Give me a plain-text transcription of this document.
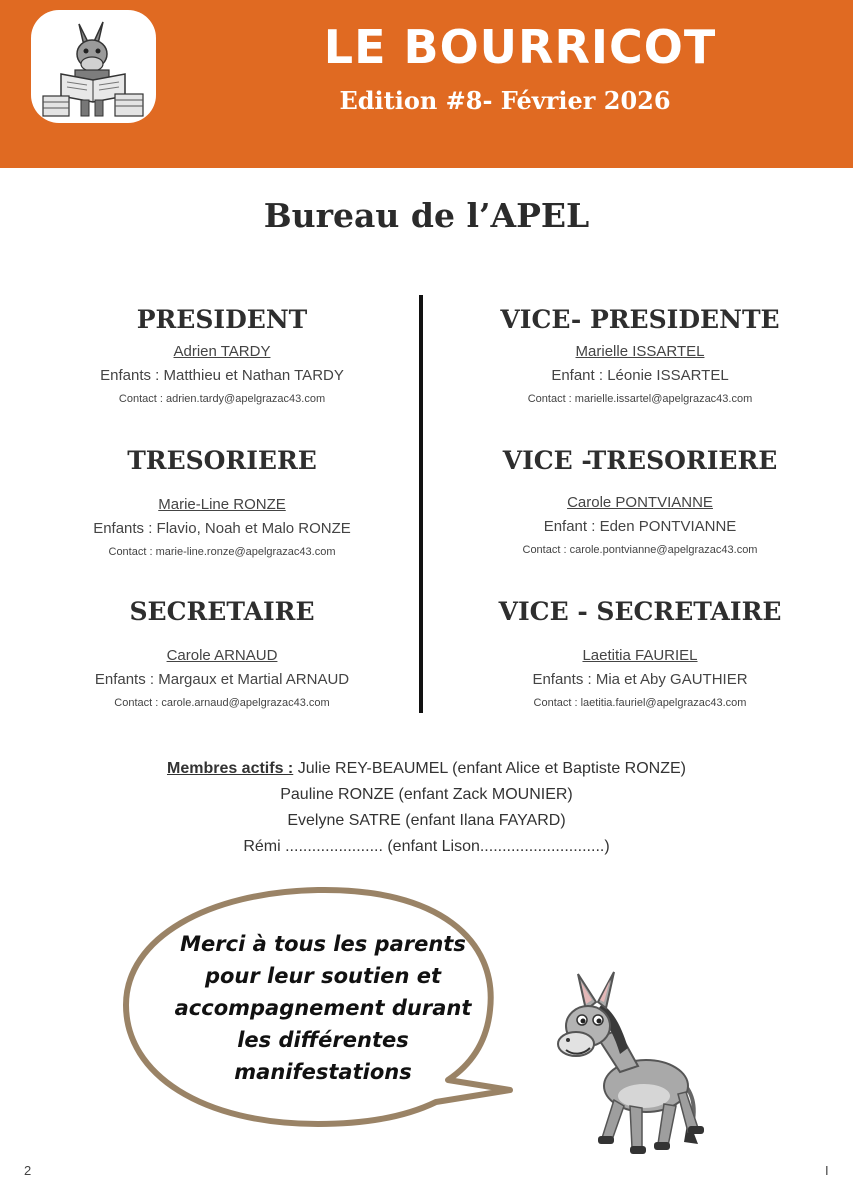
LE BOURRICOT
Edition #8- Février 2026
Bureau de l’APEL
PRESIDENT
Adrien TARDY
Enfants : Matthieu et Nathan TARDY
Contact : adrien.tardy@apelgrazac43.com
VICE- PRESIDENTE
Marielle ISSARTEL
Enfant : Léonie ISSARTEL
Contact : marielle.issartel@apelgrazac43.com
TRESORIERE
Marie-Line RONZE
Enfants : Flavio, Noah et Malo RONZE
Contact : marie-line.ronze@apelgrazac43.com
VICE -TRESORIERE
Carole PONTVIANNE
Enfant : Eden PONTVIANNE
Contact : carole.pontvianne@apelgrazac43.com
SECRETAIRE
Carole ARNAUD
Enfants : Margaux et Martial ARNAUD
Contact : carole.arnaud@apelgrazac43.com
VICE - SECRETAIRE
Laetitia FAURIEL
Enfants : Mia et Aby GAUTHIER
Contact : laetitia.fauriel@apelgrazac43.com
Membres actifs : Julie REY-BEAUMEL (enfant Alice et Baptiste RONZE)
Pauline RONZE (enfant Zack MOUNIER)
Evelyne SATRE (enfant Ilana FAYARD)
Rémi ...................... (enfant Lison............................)
Merci à tous les parents
pour leur soutien et
accompagnement durant
les différentes
manifestations
2	I
